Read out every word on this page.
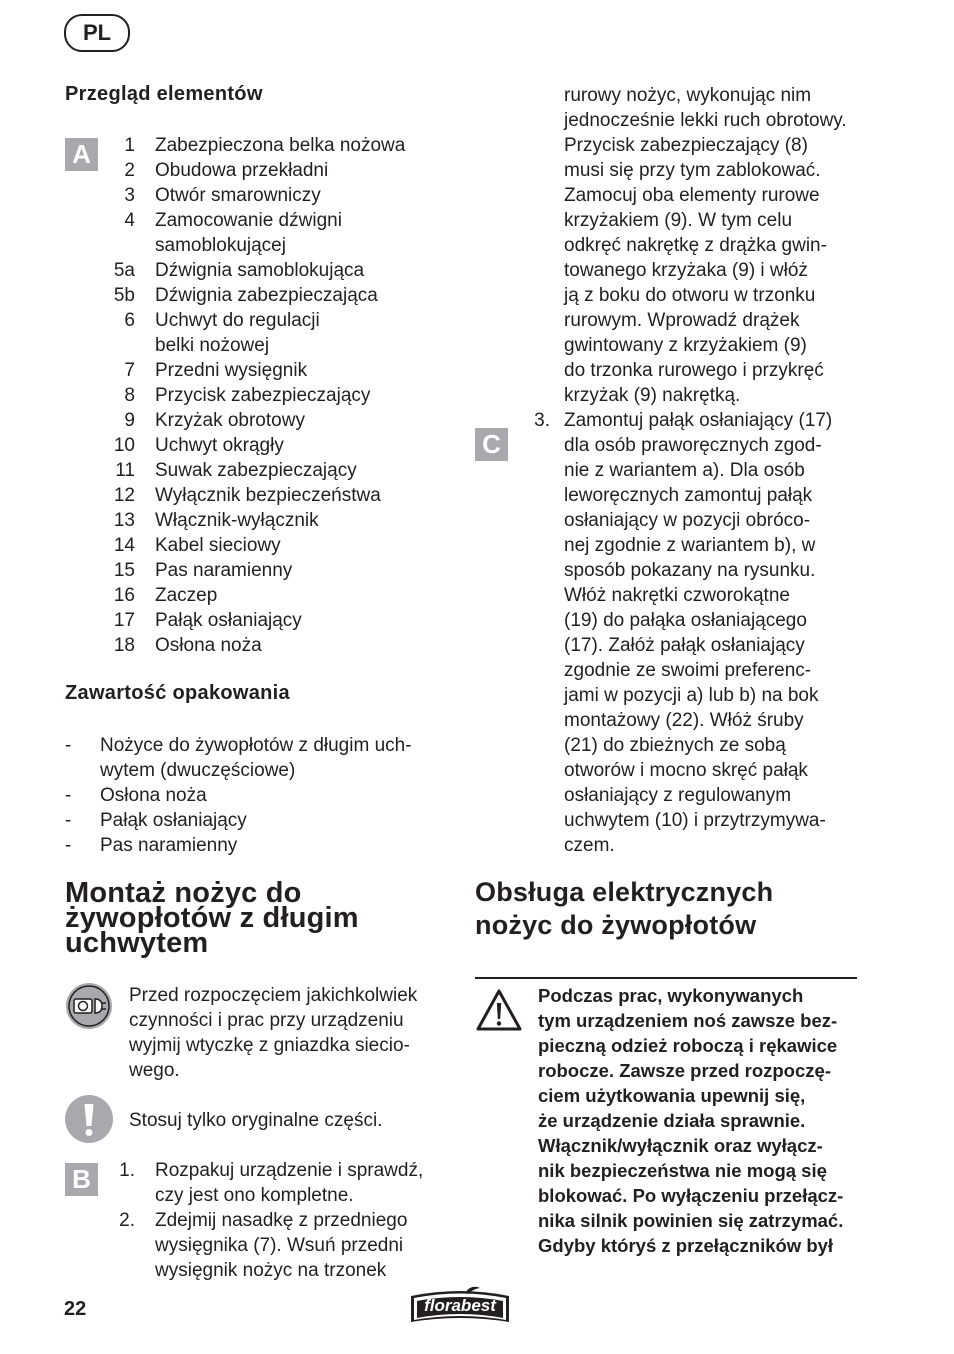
PL
Przegląd elementów
A	1 Zabezpieczona belka nożowa
2 Obudowa przekładni
3 Otwór smarowniczy
4 Zamocowanie dźwigni
samoblokującej
5a Dźwignia samoblokująca
5b Dźwignia zabezpieczająca
6 Uchwyt do regulacji
belki nożowej
7 Przedni wysięgnik
8 Przycisk zabezpieczający
9 Krzyżak obrotowy
10 Uchwyt okrągły
11 Suwak zabezpieczający
12 Wyłącznik bezpieczeństwa
13 Włącznik-wyłącznik
14 Kabel sieciowy
15 Pas naramienny
16 Zaczep
17 Pałąk osłaniający
18 Osłona noża
Zawartość opakowania
- Nożyce do żywopłotów z długim uch-
wytem (dwuczęściowe)
- Osłona noża
- Pałąk osłaniający
- Pas naramienny
Montaż nożyc do
żywopłotów z długim
uchwytem
Przed rozpoczęciem jakichkolwiek
czynności i prac przy urządzeniu
wyjmij wtyczkę z gniazdka siecio-
wego.
Stosuj tylko oryginalne części.
B	1. Rozpakuj urządzenie i sprawdź,
czy jest ono kompletne.
2. Zdejmij nasadkę z przedniego
wysięgnika (7). Wsuń przedni
wysięgnik nożyc na trzonek
rurowy nożyc, wykonując nim
jednocześnie lekki ruch obrotowy.
Przycisk zabezpieczający (8)
musi się przy tym zablokować.
Zamocuj oba elementy rurowe
krzyżakiem (9). W tym celu
odkręć nakrętkę z drążka gwin-
towanego krzyżaka (9) i włóż
ją z boku do otworu w trzonku
rurowym. Wprowadź drążek
gwintowany z krzyżakiem (9)
do trzonka rurowego i przykręć
krzyżak (9) nakrętką.
3.
C
Zamontuj pałąk osłaniający (17)
dla osób praworęcznych zgod-
nie z wariantem a). Dla osób
leworęcznych zamontuj pałąk
osłaniający w pozycji obróco-
nej zgodnie z wariantem b), w
sposób pokazany na rysunku.
Włóż nakrętki czworokątne
(19) do pałąka osłaniającego
(17). Załóż pałąk osłaniający
zgodnie ze swoimi preferenc-
jami w pozycji a) lub b) na bok
montażowy (22). Włóż śruby
(21) do zbieżnych ze sobą
otworów i mocno skręć pałąk
osłaniający z regulowanym
uchwytem (10) i przytrzymywa-
czem.
Obsługa elektrycznych
nożyc do żywopłotów
Podczas prac, wykonywanych
tym urządzeniem noś zawsze bez-
pieczną odzież roboczą i rękawice
robocze. Zawsze przed rozpoczę-
ciem użytkowania upewnij się,
że urządzenie działa sprawnie.
Włącznik/wyłącznik oraz wyłącz-
nik bezpieczeństwa nie mogą się
blokować. Po wyłączeniu przełącz-
nika silnik powinien się zatrzymać.
Gdyby któryś z przełączników był
22	florabest
